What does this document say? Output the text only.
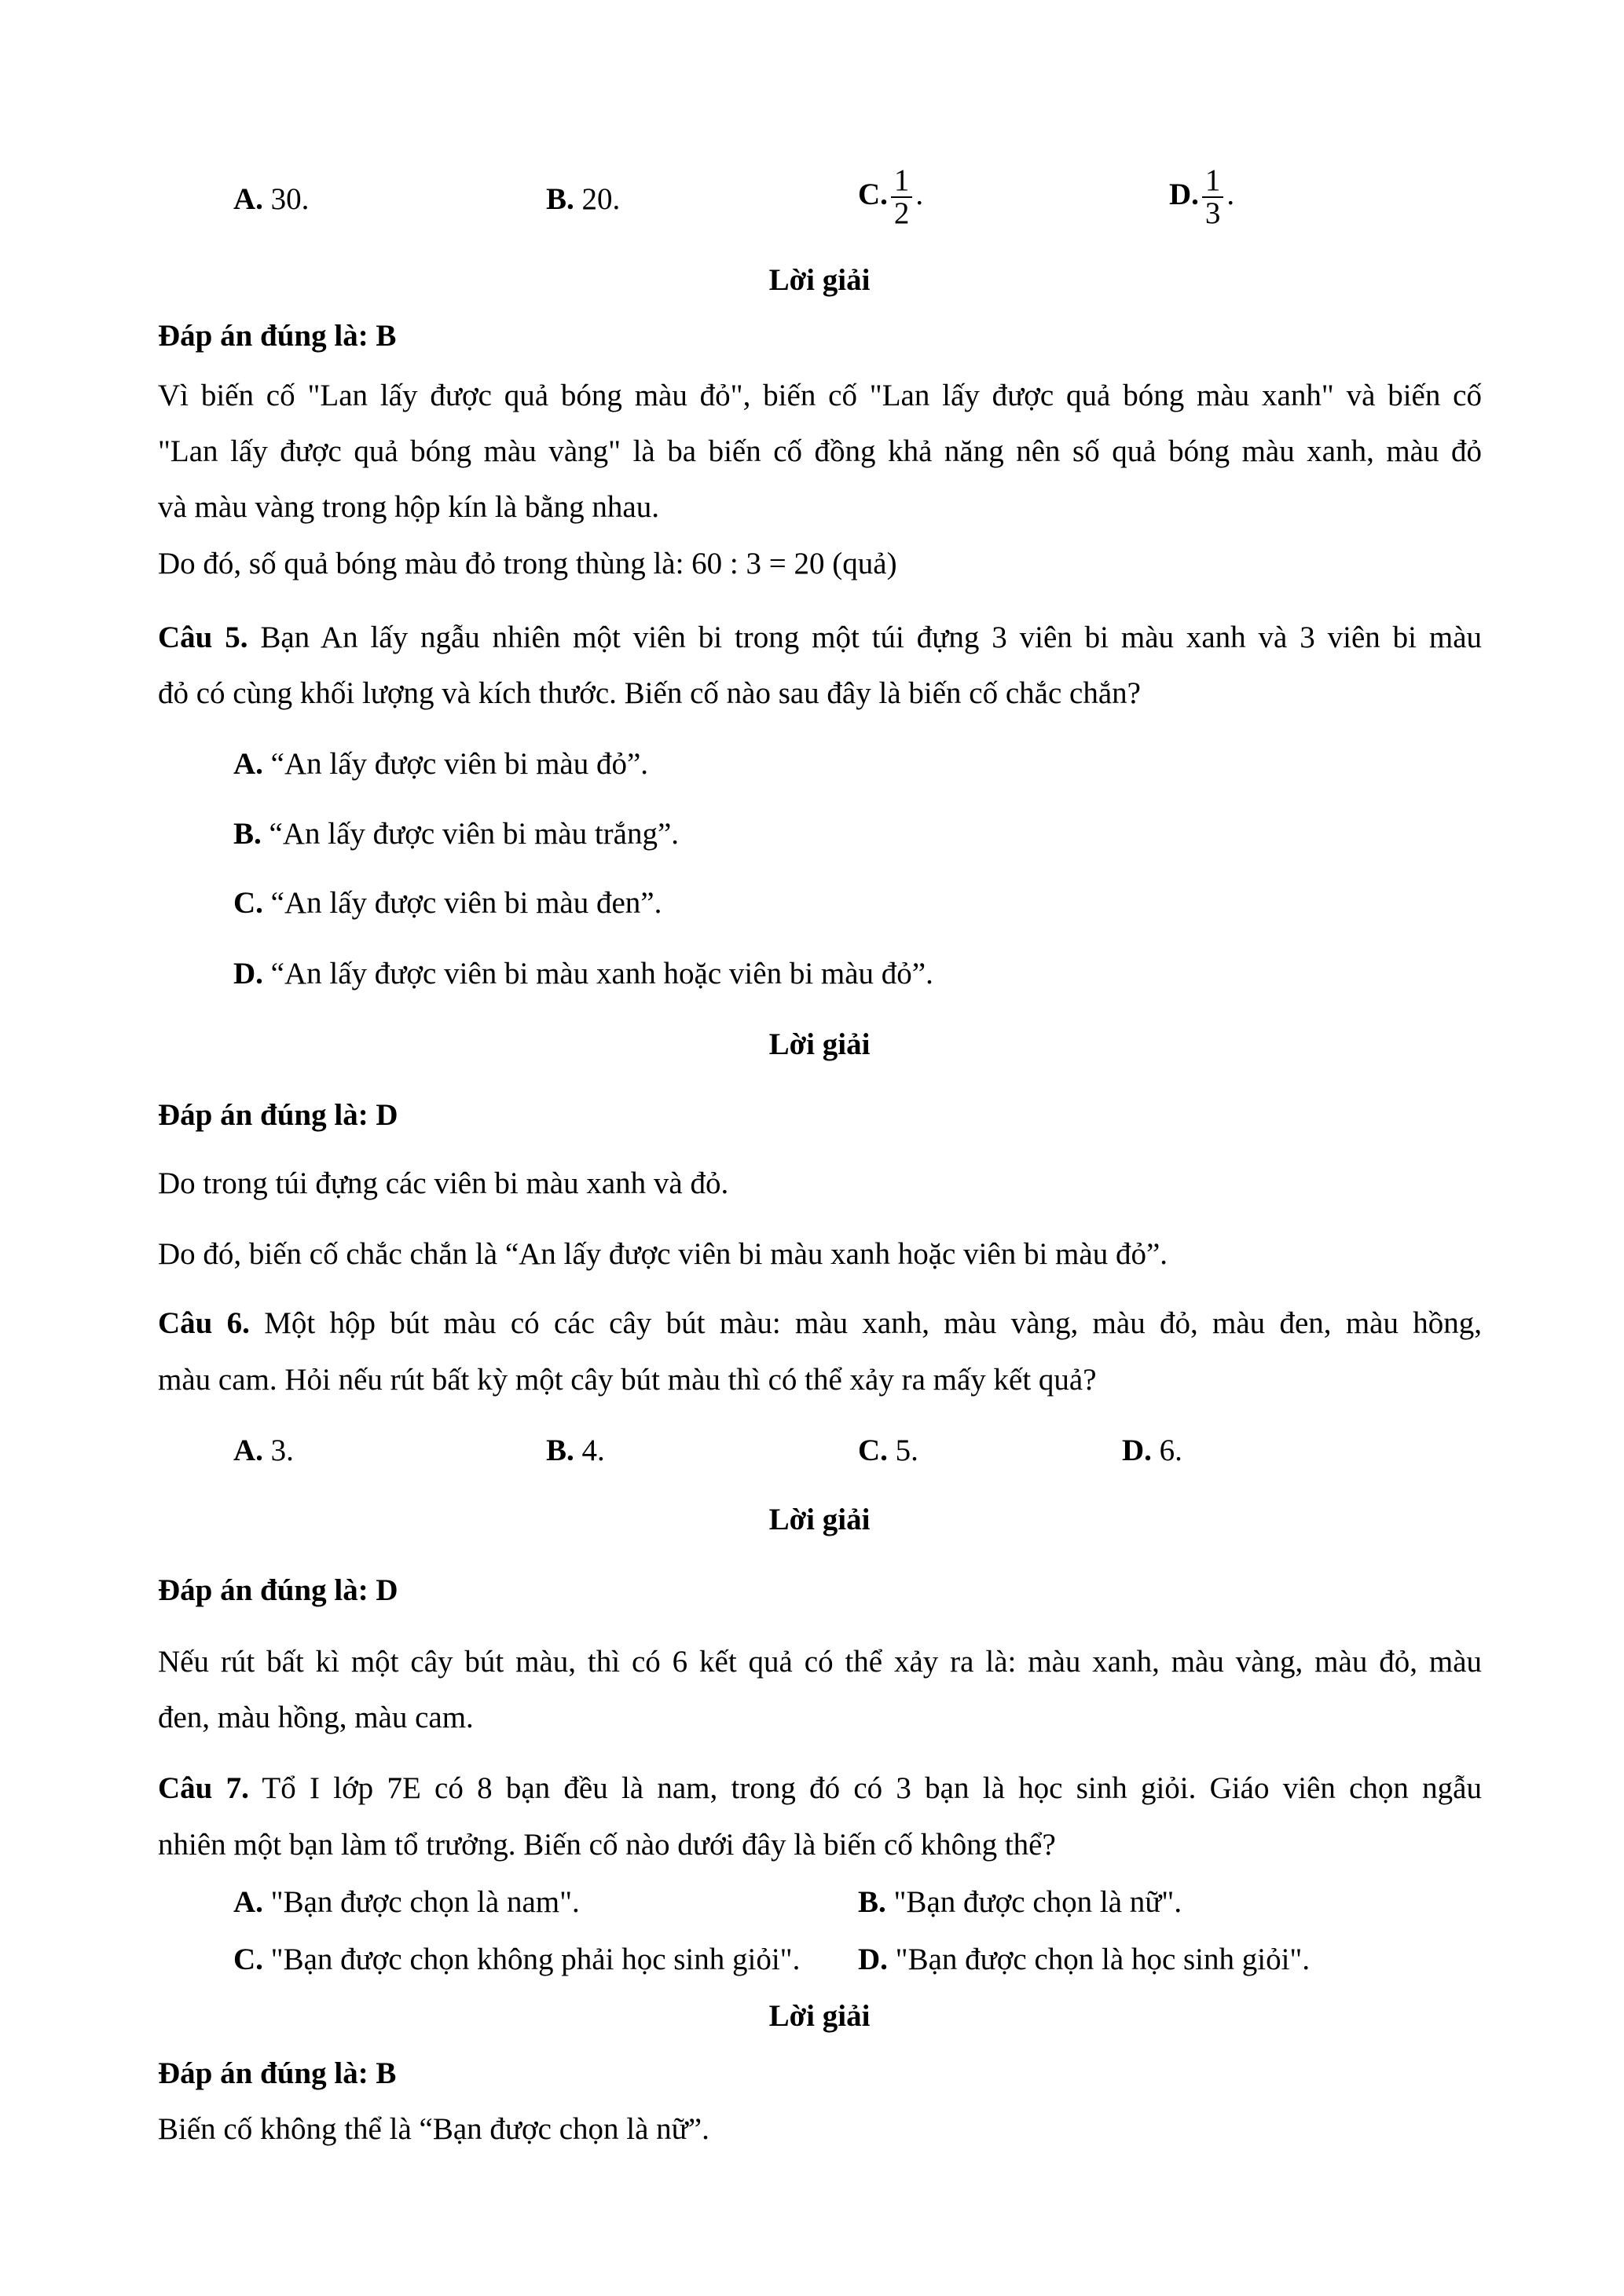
A. 30.	B. 20.	C. $\frac{1}{2}$ .	D. $\frac{1}{3}$ .
Lời giải
Đáp án đúng là: B
Vì biến cố "Lan lấy được quả bóng màu đỏ", biến cố "Lan lấy được quả bóng màu xanh" và biến cố
"Lan lấy được quả bóng màu vàng" là ba biến cố đồng khả năng nên số quả bóng màu xanh, màu đỏ
và màu vàng trong hộp kín là bằng nhau.
Do đó, số quả bóng màu đỏ trong thùng là: 60 : 3 = 20 (quả)
Câu 5. Bạn An lấy ngẫu nhiên một viên bi trong một túi đựng 3 viên bi màu xanh và 3 viên bi màu
đỏ có cùng khối lượng và kích thước. Biến cố nào sau đây là biến cố chắc chắn?
A. “An lấy được viên bi màu đỏ”.
B. “An lấy được viên bi màu trắng”.
C. “An lấy được viên bi màu đen”.
D. “An lấy được viên bi màu xanh hoặc viên bi màu đỏ”.
Lời giải
Đáp án đúng là: D
Do trong túi đựng các viên bi màu xanh và đỏ.
Do đó, biến cố chắc chắn là “An lấy được viên bi màu xanh hoặc viên bi màu đỏ”.
Câu 6. Một hộp bút màu có các cây bút màu: màu xanh, màu vàng, màu đỏ, màu đen, màu hồng,
màu cam. Hỏi nếu rút bất kỳ một cây bút màu thì có thể xảy ra mấy kết quả?
A. 3.	B. 4.	C. 5.	D. 6.
Lời giải
Đáp án đúng là: D
Nếu rút bất kì một cây bút màu, thì có 6 kết quả có thể xảy ra là: màu xanh, màu vàng, màu đỏ, màu
đen, màu hồng, màu cam.
Câu 7. Tổ I lớp 7E có 8 bạn đều là nam, trong đó có 3 bạn là học sinh giỏi. Giáo viên chọn ngẫu
nhiên một bạn làm tổ trưởng. Biến cố nào dưới đây là biến cố không thể?
A. "Bạn được chọn là nam".	B. "Bạn được chọn là nữ".
C. "Bạn được chọn không phải học sinh giỏi". D. "Bạn được chọn là học sinh giỏi".
Lời giải
Đáp án đúng là: B
Biến cố không thể là “Bạn được chọn là nữ”.
